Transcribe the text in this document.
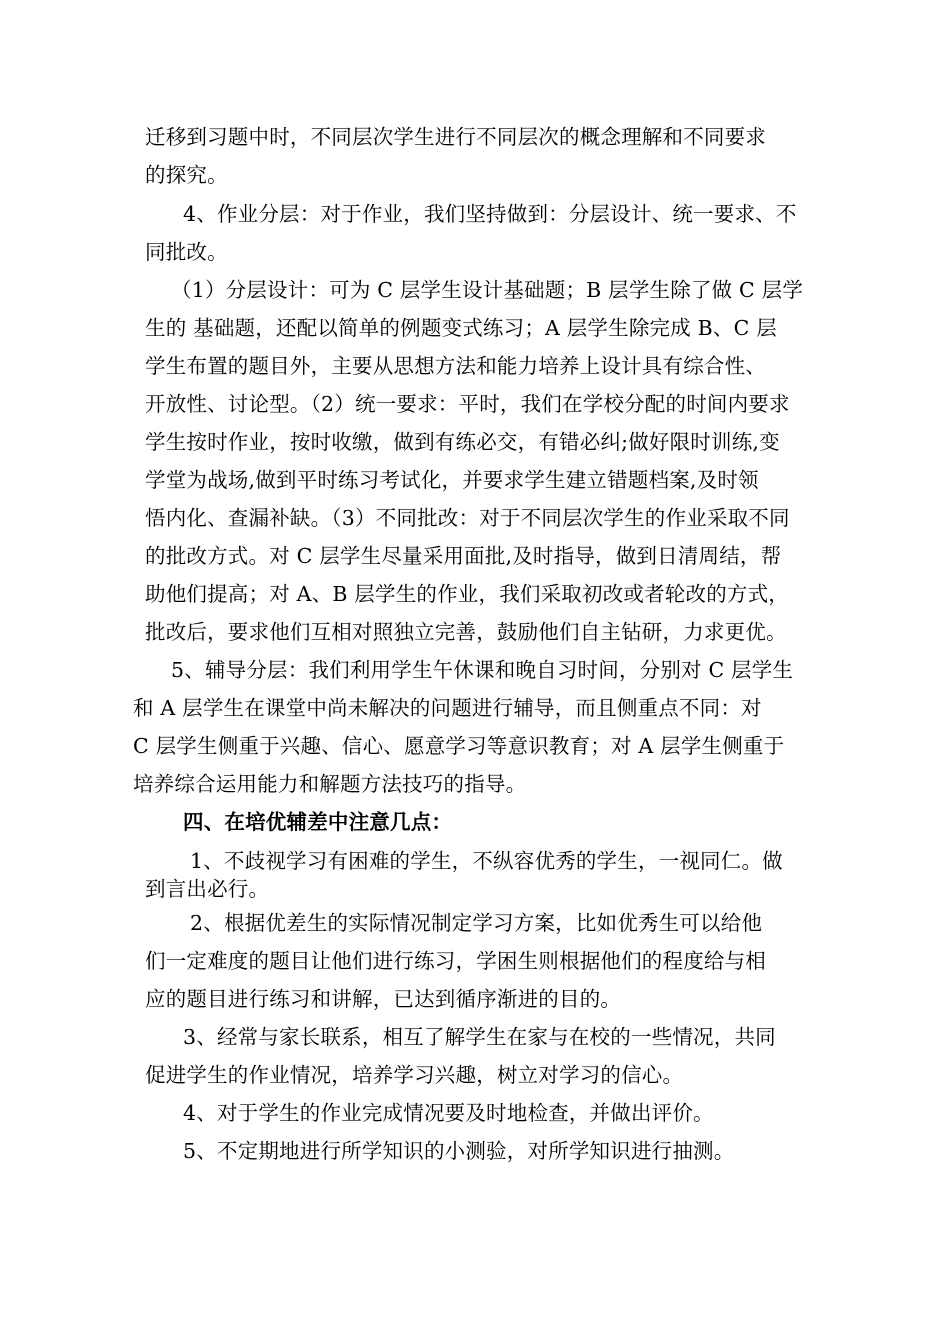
迁移到习题中时，不同层次学生进行不同层次的概念理解和不同要求
的探究。
4、作业分层：对于作业，我们坚持做到：分层设计、统一要求、不
同批改。
（1）分层设计：可为 C 层学生设计基础题；B 层学生除了做 C 层学
生的 基础题，还配以简单的例题变式练习；A 层学生除完成 B、C 层
学生布置的题目外，主要从思想方法和能力培养上设计具有综合性、
开放性、讨论型。（2）统一要求：平时，我们在学校分配的时间内要求
学生按时作业，按时收缴，做到有练必交，有错必纠;做好限时训练,变
学堂为战场,做到平时练习考试化，并要求学生建立错题档案,及时领
悟内化、查漏补缺。（3）不同批改：对于不同层次学生的作业采取不同
的批改方式。对 C 层学生尽量采用面批,及时指导，做到日清周结，帮
助他们提高；对 A、B 层学生的作业，我们采取初改或者轮改的方式，
批改后，要求他们互相对照独立完善，鼓励他们自主钻研，力求更优。
5、辅导分层：我们利用学生午休课和晚自习时间，分别对 C 层学生
和 A 层学生在课堂中尚未解决的问题进行辅导，而且侧重点不同：对
C 层学生侧重于兴趣、信心、愿意学习等意识教育；对 A 层学生侧重于
培养综合运用能力和解题方法技巧的指导。
四、在培优辅差中注意几点：
1、不歧视学习有困难的学生，不纵容优秀的学生，一视同仁。做
到言出必行。
2、根据优差生的实际情况制定学习方案，比如优秀生可以给他
们一定难度的题目让他们进行练习，学困生则根据他们的程度给与相
应的题目进行练习和讲解，已达到循序渐进的目的。
3、经常与家长联系，相互了解学生在家与在校的一些情况，共同
促进学生的作业情况，培养学习兴趣，树立对学习的信心。
4、对于学生的作业完成情况要及时地检查，并做出评价。
5、不定期地进行所学知识的小测验，对所学知识进行抽测。
